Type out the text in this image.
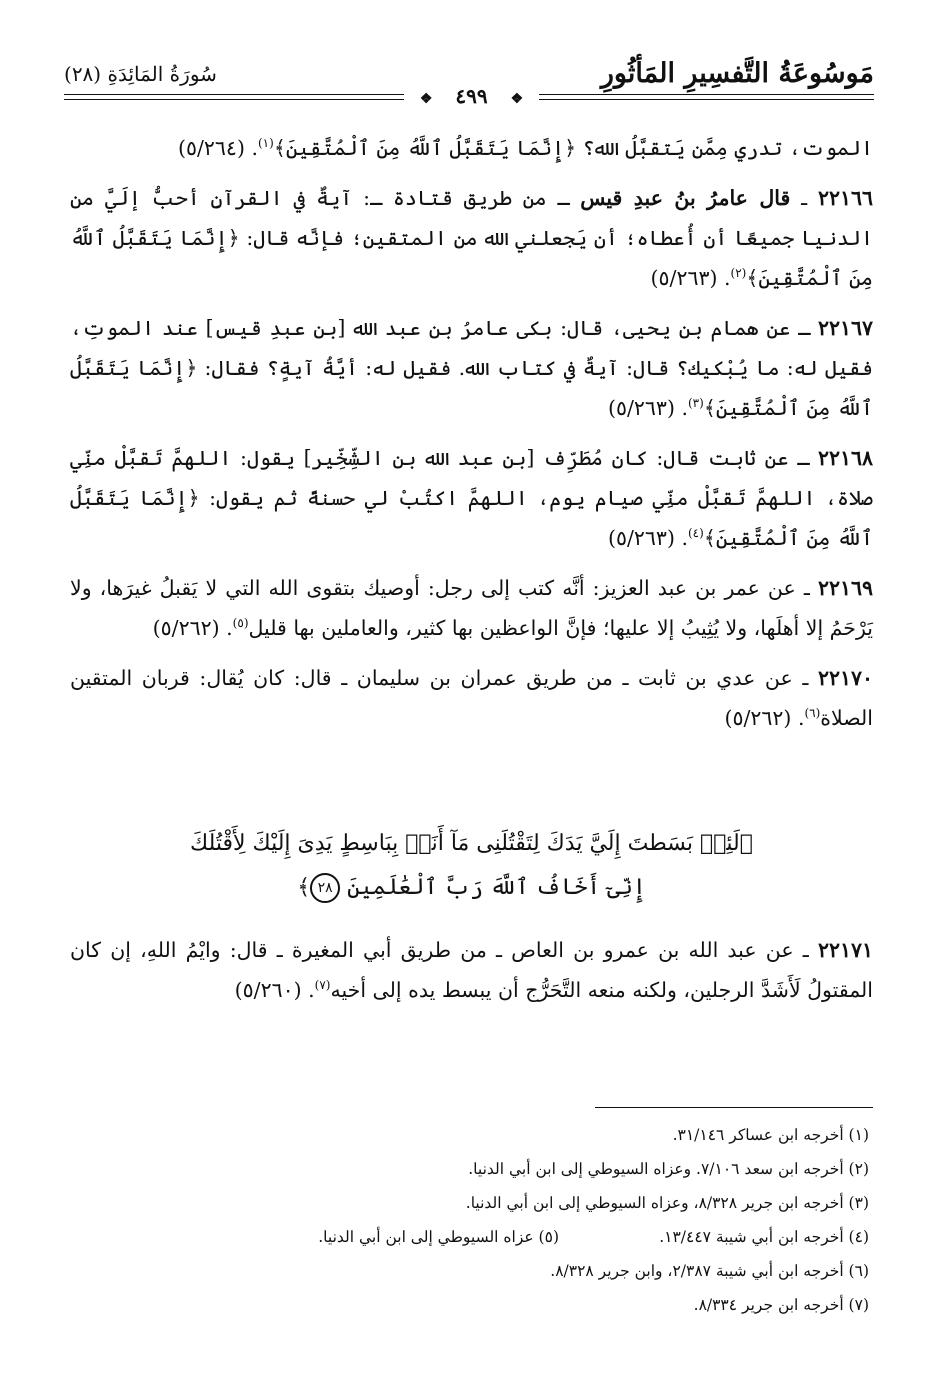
مَوسُوعَةُ التَّفسِيرِ المَأثُورِ
سُورَةُ المَائِدَةِ (٢٨)
❖ ٤٩٩ ❖

الموت، تدري مِمَّن يَتقبَّلُ الله؟ ﴿إِنَّمَا يَتَقَبَّلُ ٱللَّهُ مِنَ ٱلْمُتَّقِينَ﴾$^{(١)}$. (٥/٢٦٤)

٢٢١٦٦ ـ قال عامرُ بنُ عبدِ قيس ـ من طريق قتادة ـ: آيةٌ في القرآنِ أحبُّ إلَيَّ من الدنيا جميعًا أن أُعطاه؛ أن يَجعلني الله من المتقين؛ فإنَّه قال: ﴿إِنَّمَا يَتَقَبَّلُ ٱللَّهُ مِنَ ٱلْمُتَّقِينَ﴾$^{(٢)}$. (٥/٢٦٣)

٢٢١٦٧ ـ عن همام بن يحيى، قال: بكى عامرُ بن عبد الله [بن عبدِ قيس] عند الموتِ، فقيل له: ما يُبْكيك؟ قال: آيةٌ في كتاب الله. فقيل له: أيَّةُ آيةٍ؟ فقال: ﴿إِنَّمَا يَتَقَبَّلُ ٱللَّهُ مِنَ ٱلْمُتَّقِينَ﴾$^{(٣)}$. (٥/٢٦٣)

٢٢١٦٨ ـ عن ثابت قال: كان مُطَرِّف [بن عبد الله بن الشِّخِّير] يقول: اللهمَّ تَقبَّلْ منِّي صلاة، اللهمَّ تَقبَّلْ منِّي صيام يوم، اللهمَّ اكتُبْ لي حسنةً ثم يقول: ﴿إِنَّمَا يَتَقَبَّلُ ٱللَّهُ مِنَ ٱلْمُتَّقِينَ﴾$^{(٤)}$. (٥/٢٦٣)

٢٢١٦٩ ـ عن عمر بن عبد العزيز: أنَّه كتب إلى رجل: أوصيك بتقوى الله التي لا يَقبلُ غيرَها، ولا يَرْحَمُ إلا أهلَها، ولا يُثِيبُ إلا عليها؛ فإنَّ الواعظين بها كثير، والعاملين بها قليل$^{(٥)}$. (٥/٢٦٢)

٢٢١٧٠ ـ عن عدي بن ثابت ـ من طريق عمران بن سليمان ـ قال: كان يُقال: قربان المتقين الصلاة$^{(٦)}$. (٥/٢٦٢)

﴿لَئِنۢ بَسَطتَ إِلَيَّ يَدَكَ لِتَقْتُلَنِى مَآ أَنَا۠ بِبَاسِطٍ يَدِىَ إِلَيْكَ لِأَقْتُلَكَ
إِنِّىٓ أَخَافُ ٱللَّهَ رَبَّ ٱلْعَٰلَمِينَ ٢٨﴾

٢٢١٧١ ـ عن عبد الله بن عمرو بن العاص ـ من طريق أبي المغيرة ـ قال: وايْمُ اللهِ، إن كان المقتولُ لَأَشَدَّ الرجلين، ولكنه منعه التَّحَرُّج أن يبسط يده إلى أخيه$^{(٧)}$. (٥/٢٦٠)

(١) أخرجه ابن عساكر ٣١/١٤٦.
(٢) أخرجه ابن سعد ٧/١٠٦. وعزاه السيوطي إلى ابن أبي الدنيا.
(٣) أخرجه ابن جرير ٨/٣٢٨، وعزاه السيوطي إلى ابن أبي الدنيا.
(٤) أخرجه ابن أبي شيبة ١٣/٤٤٧.
(٥) عزاه السيوطي إلى ابن أبي الدنيا.
(٦) أخرجه ابن أبي شيبة ٢/٣٨٧، وابن جرير ٨/٣٢٨.
(٧) أخرجه ابن جرير ٨/٣٣٤.
